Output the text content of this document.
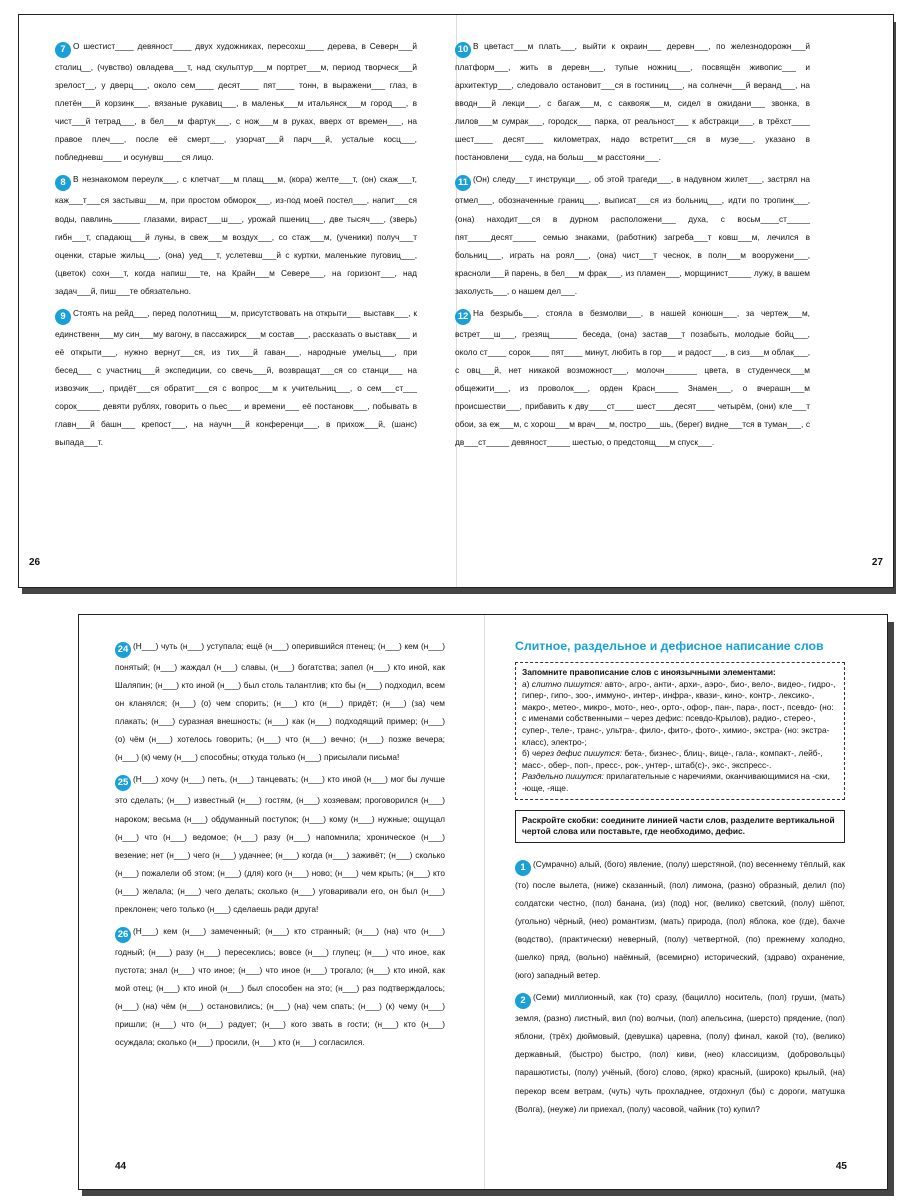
7 О шестист____ девяност____ двух художниках, пересохш____ дерева, в Северн___й столиц__, (чувство) овладева___т, над скульптур___м портрет___м, период творческ___й зрелост__, у дверц___, около сем____ десят____ пят____ тонн, в выражени___ глаз, в плетён___й корзинк___, вязаные рукавиц___, в маленьк___м итальянск___м город___, в чист___й тетрад___, в бел___м фартук___, с нож___м в руках, вверх от времен___, на правое плеч___, после её смерт___, узорчат___й парч___й, усталые косц___, побледневш____ и осунувш____ся лицо.
8 В незнакомом переулк___, с клетчат___м плащ___м, (кора) желте___т, (он) скаж___т, каж___т___ся застывш___м, при простом обморок___, из-под моей постел___, напит___ся воды, павлинь______ глазами, вираст___ш___, урожай пшениц___, две тысяч___, (зверь) гибн___т, спадающ___й луны, в свеж___м воздух___, со стаж___м, (ученики) получ___т оценки, старые жильц___, (она) уед___т, услетевш___й с куртки, маленькие пуговиц___, (цветок) сохн___т, когда напиш___те, на Крайн___м Севере___, на горизонт___, над задач___й, пиш___те обязательно.
9 Стоять на рейд___, перед полотнищ___м, присутствовать на открыти___ выставк___, к единственн___му син___му вагону, в пассажирск___м состав___, рассказать о выставк___ и её открыти___, нужно вернут___ся, из тих___й гаван___, народные умельц___, при бесед___ с участниц___й экспедиции, со свечь___й, возвращат___ся со станци___ на извозчик___, придёт___ся обратит___ся с вопрос___м к учительниц___, о сем___ст___ сорок_____ девяти рублях, говорить о пьес___ и времени___ её постановк___, побывать в главн___й башн___ крепост___, на научн___й конференци___, в прихож___й, (шанс) выпада___т.
26
10 В цветаст___м плать___, выйти к окраин___ деревн___, по железнодорожн___й платформ___, жить в деревн___, тупые ножниц___, посвящён живопис___ и архитектур___, следовало остановит___ся в гостиниц___, на солнечн___й веранд___, на вводн___й лекци___, с багаж___м, с саквояж___м, сидел в ожидани___ звонка, в лилов___м сумрак___, городск___ парка, от реальност___ к абстракци___, в трёхст____ шест____ десят____ километрах, надо встретит___ся в музе___, указано в постановлени___ суда, на больш___м расстояни___.
11 (Он) следу___т инструкци___, об этой трагеди___, в надувном жилет___, застрял на отмел___, обозначенные границ___, выписат___ся из больниц___, идти по тропинк___, (она) находит___ся в дурном расположени___ духа, с восьм____ст_____ пят_____десят_____ семью знаками, (работник) загреба___т ковш___м, лечился в больниц___, играть на роял___, (она) чист___т чеснок, в полн___м вооружени___, красноли___й парень, в бел___м фрак___, из пламен___, морщинист_____ лужу, в вашем захолусть___, о нашем дел___.
12 На безрыбь___, стояла в безмолви___, в нашей конюшн___, за чертеж___м, встрет___ш___, грезящ______ беседа, (она) застав___т позабыть, молодые бойц___, около ст____ сорок____ пят____ минут, любить в гор___ и радост___, в сиз___м облак___, с овц___й, нет никакой возможност___, молочн_______ цвета, в студенческ___м общежити___, из проволок___, орден Красн_____ Знамен___, о вчерашн___м происшестви___, прибавить к дву____ст____ шест____десят____ четырём, (они) кле___т обои, за еж___м, с хорош___м врач___м, постро___шь, (берег) видне___тся в туман___, с дв___ст_____ девяност_____ шестью, о предстоящ___м спуск___.
27
24 (Н___) чуть (н___) уступала; ещё (н___) оперившийся птенец; (н___) кем (н___) понятый; (н___) жаждал (н___) славы, (н___) богатства; запел (н___) кто иной, как Шаляпин; (н___) кто иной (н___) был столь талантлив; кто бы (н___) подходил, всем он кланялся; (н___) (о) чем спорить; (н___) кто (н___) придёт; (н___) (за) чем плакать; (н___) суразная внешность; (н___) как (н___) подходящий пример; (н___) (о) чём (н___) хотелось говорить; (н___) что (н___) вечно; (н___) позже вечера; (н___) (к) чему (н___) способны; откуда только (н___) присылали письма!
25 (Н___) хочу (н___) петь, (н___) танцевать; (н___) кто иной (н___) мог бы лучше это сделать; (н___) известный (н___) гостям, (н___) хозяевам; проговорился (н___) нароком; весьма (н___) обдуманный поступок; (н___) кому (н___) нужные; ощущал (н___) что (н___) ведомое; (н___) разу (н___) напомнила; хроническое (н___) везение; нет (н___) чего (н___) удачнее; (н___) когда (н___) заживёт; (н___) сколько (н___) пожалели об этом; (н___) (для) кого (н___) ново; (н___) чем крыть; (н___) кто (н___) желала; (н___) чего делать; сколько (н___) уговаривали его, он был (н___) преклонен; чего только (н___) сделаешь ради друга!
26 (Н___) кем (н___) замеченный; (н___) кто странный; (н___) (на) что (н___) годный; (н___) разу (н___) пересеклись; вовсе (н___) глупец; (н___) что иное, как пустота; знал (н___) что иное; (н___) что иное (н___) трогало; (н___) кто иной, как мой отец; (н___) кто иной (н___) был способен на это; (н___) раз подтверждалось; (н___) (на) чём (н___) остановились; (н___) (на) чем спать; (н___) (к) чему (н___) пришли; (н___) что (н___) радует; (н___) кого звать в гости; (н___) кто (н___) осуждала; сколько (н___) просили, (н___) кто (н___) согласился.
44
Слитное, раздельное и дефисное написание слов
Запомните правописание слов с иноязычными элементами:
а) слитно пишутся: авто-, агро-, анти-, архи-, аэро-, био-, вело-, видео-, гидро-, гипер-, гипо-, зоо-, иммуно-, интер-, инфра-, квази-, кино-, контр-, лексико-, макро-, метео-, микро-, мото-, нео-, орто-, офор-, пан-, пара-, пост-, псевдо- (но: с именами собственными – через дефис: псевдо-Крылов), радио-, стерео-, супер-, теле-, транс-, ультра-, фило-, фито-, фото-, химио-, экстра- (но: экстра-класс), электро-;
б) через дефис пишутся: бета-, бизнес-, блиц-, вице-, гала-, компакт-, лейб-, масс-, обер-, поп-, пресс-, рок-, унтер-, штаб(с)-, экс-, экспресс-.
Раздельно пишутся: прилагательные с наречиями, оканчивающимися на -ски, -юще, -яще.
Раскройте скобки: соедините линией части слов, разделите вертикальной чертой слова или поставьте, где необходимо, дефис.
1 (Сумрачно) алый, (бого) явление, (полу) шерстяной, (по) весеннему тёплый, как (то) после вылета, (ниже) сказанный, (пол) лимона, (разно) образный, делил (по) солдатски честно, (пол) банана, (из) (под) ног, (велико) светский, (полу) шёпот, (угольно) чёрный, (нео) романтизм, (мать) природа, (пол) яблока, кое (где), бахче (водство), (практически) неверный, (полу) четвертной, (по) прежнему холодно, (шелко) пряд, (вольно) наёмный, (всемирно) исторический, (здраво) охранение, (юго) западный ветер.
2 (Семи) миллионный, как (то) сразу, (бацилло) носитель, (пол) груши, (мать) земля, (разно) листный, вил (по) волчьи, (пол) апельсина, (шерсто) прядение, (пол) яблони, (трёх) дюймовый, (девушка) царевна, (полу) финал, какой (то), (велико) державный, (быстро) быстро, (пол) киви, (нео) классицизм, (добровольцы) парашютисты, (полу) учёный, (бого) слово, (ярко) красный, (широко) крылый, (на) перекор всем ветрам, (чуть) чуть прохладнее, отдохнул (бы) с дороги, матушка (Волга), (неужe) ли приехал, (полу) часовой, чайник (то) купил?
45
